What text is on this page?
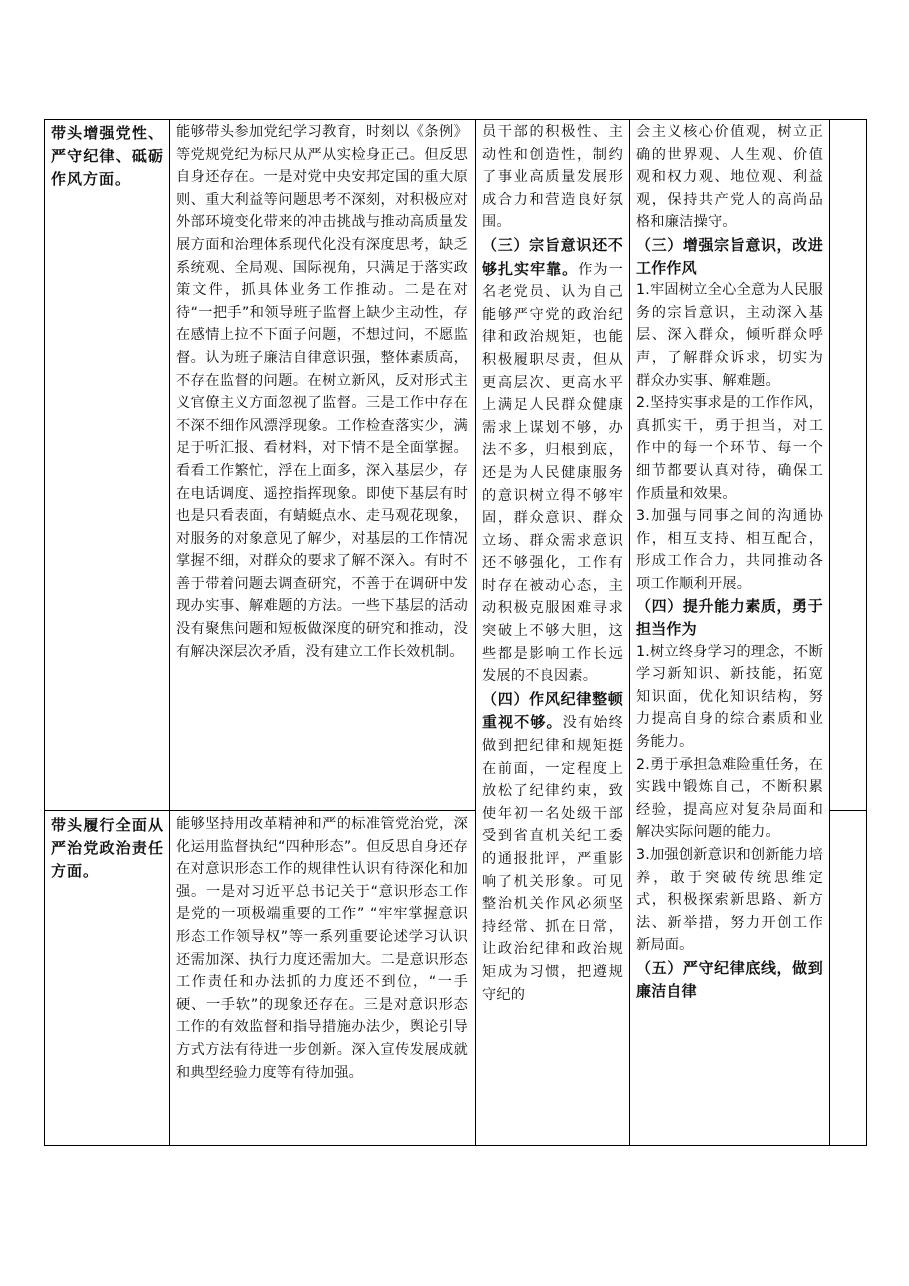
带头增强党性、严守纪律、砥砺作风方面。
能够带头参加党纪学习教育，时刻以《条例》等党规党纪为标尺从严从实检身正己。但反思自身还存在。一是对党中央安邦定国的重大原则、重大利益等问题思考不深刻，对积极应对外部环境变化带来的冲击挑战与推动高质量发展方面和治理体系现代化没有深度思考，缺乏系统观、全局观、国际视角，只满足于落实政策文件，抓具体业务工作推动。二是在对待“一把手”和领导班子监督上缺少主动性，存在感情上拉不下面子问题，不想过问，不愿监督。认为班子廉洁自律意识强，整体素质高，不存在监督的问题。在树立新风，反对形式主义官僚主义方面忽视了监督。三是工作中存在不深不细作风漂浮现象。工作检查落实少，满足于听汇报、看材料，对下情不是全面掌握。看看工作繁忙，浮在上面多，深入基层少，存在电话调度、遥控指挥现象。即使下基层有时也是只看表面，有蜻蜓点水、走马观花现象，对服务的对象意见了解少，对基层的工作情况掌握不细，对群众的要求了解不深入。有时不善于带着问题去调查研究，不善于在调研中发现办实事、解难题的方法。一些下基层的活动没有聚焦问题和短板做深度的研究和推动，没有解决深层次矛盾，没有建立工作长效机制。
带头履行全面从严治党政治责任方面。
能够坚持用改革精神和严的标准管党治党，深化运用监督执纪“四种形态”。但反思自身还存在对意识形态工作的规律性认识有待深化和加强。一是对习近平总书记关于“意识形态工作是党的一项极端重要的工作” “牢牢掌握意识形态工作领导权”等一系列重要论述学习认识还需加深、执行力度还需加大。二是意识形态工作责任和办法抓的力度还不到位，“一手硬、一手软”的现象还存在。三是对意识形态工作的有效监督和指导措施办法少，舆论引导方式方法有待进一步创新。深入宣传发展成就和典型经验力度等有待加强。

员干部的积极性、主动性和创造性，制约了事业高质量发展形成合力和营造良好氛围。

（三）宗旨意识还不够扎实牢靠。作为一名老党员、认为自己能够严守党的政治纪律和政治规矩，也能积极履职尽责，但从更高层次、更高水平上满足人民群众健康需求上谋划不够，办法不多，归根到底，还是为人民健康服务的意识树立得不够牢固，群众意识、群众立场、群众需求意识还不够强化，工作有时存在被动心态，主动积极克服困难寻求突破上不够大胆，这些都是影响工作长远发展的不良因素。

（四）作风纪律整顿重视不够。没有始终做到把纪律和规矩挺在前面，一定程度上放松了纪律约束，致使年初一名处级干部受到省直机关纪工委的通报批评，严重影响了机关形象。可见整治机关作风必须坚持经常、抓在日常，让政治纪律和政治规矩成为习惯，把遵规守纪的

会主义核心价值观，树立正确的世界观、人生观、价值观和权力观、地位观、利益观，保持共产党人的高尚品格和廉洁操守。

（三）增强宗旨意识，改进工作作风

1.牢固树立全心全意为人民服务的宗旨意识，主动深入基层、深入群众，倾听群众呼声，了解群众诉求，切实为群众办实事、解难题。

2.坚持实事求是的工作作风，真抓实干，勇于担当，对工作中的每一个环节、每一个细节都要认真对待，确保工作质量和效果。

3.加强与同事之间的沟通协作，相互支持、相互配合，形成工作合力，共同推动各项工作顺利开展。

（四）提升能力素质，勇于担当作为

1.树立终身学习的理念，不断学习新知识、新技能，拓宽知识面，优化知识结构，努力提高自身的综合素质和业务能力。

2.勇于承担急难险重任务，在实践中锻炼自己，不断积累经验，提高应对复杂局面和解决实际问题的能力。

3.加强创新意识和创新能力培养，敢于突破传统思维定式，积极探索新思路、新方法、新举措，努力开创工作新局面。

（五）严守纪律底线，做到廉洁自律
